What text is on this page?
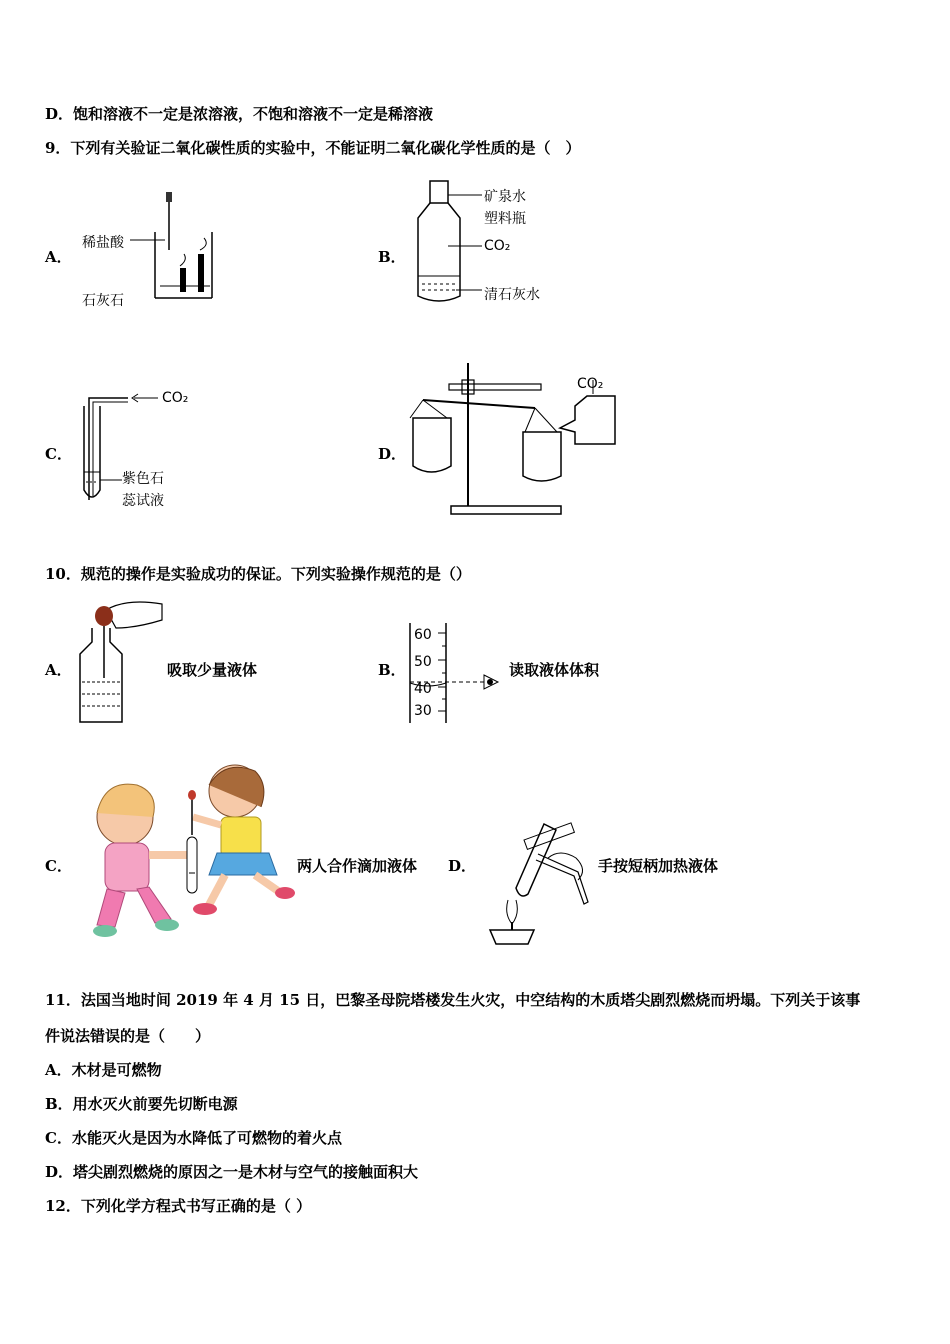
D．饱和溶液不一定是浓溶液，不饱和溶液不一定是稀溶液
9．下列有关验证二氧化碳性质的实验中，不能证明二氧化碳化学性质的是（　）
A．
稀盐酸
石灰石
B．
矿泉水
塑料瓶
CO₂
清石灰水
C．
CO₂
紫色石
蕊试液
D．
CO₂
10．规范的操作是实验成功的保证。下列实验操作规范的是（）
A．	吸取少量液体	B．	读取液体体积
60
50
40
30
C．	两人合作滴加液体 D．	手按短柄加热液体
11．法国当地时间 2019 年 4 月 15 日，巴黎圣母院塔楼发生火灾，中空结构的木质塔尖剧烈燃烧而坍塌。下列关于该事
件说法错误的是（　　）
A．木材是可燃物
B．用水灭火前要先切断电源
C．水能灭火是因为水降低了可燃物的着火点
D．塔尖剧烈燃烧的原因之一是木材与空气的接触面积大
12．下列化学方程式书写正确的是（ ）
